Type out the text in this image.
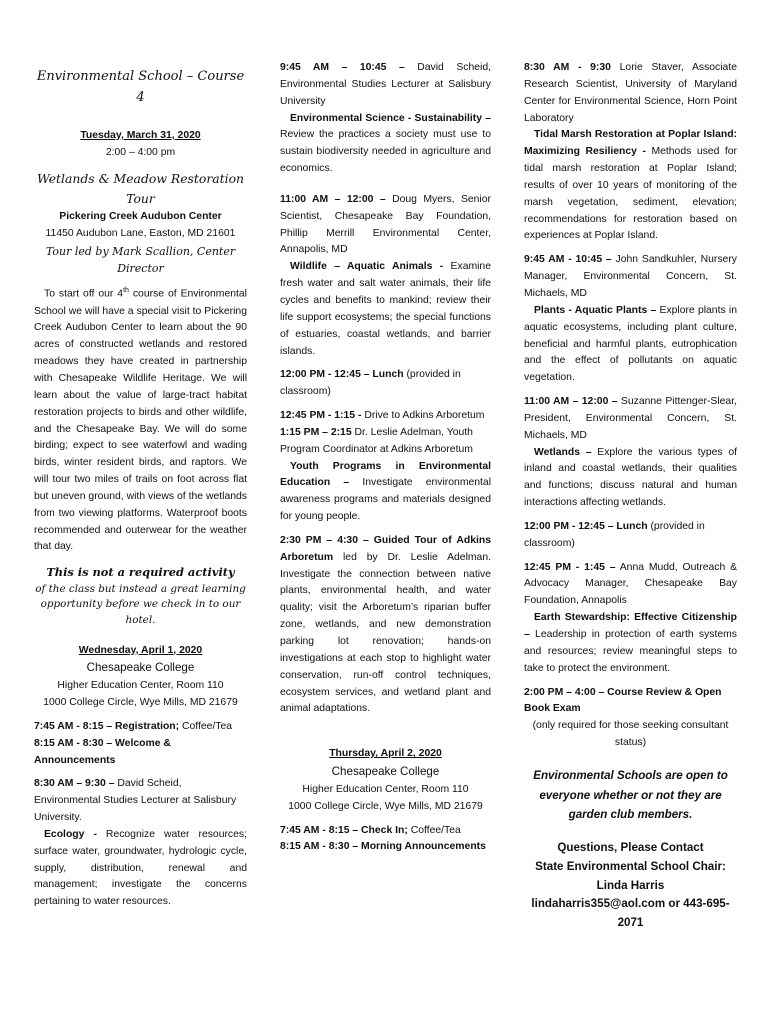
Environmental School – Course 4

Tuesday, March 31, 2020

2:00 – 4:00 pm

Wetlands & Meadow Restoration Tour

Pickering Creek Audubon Center

11450 Audubon Lane, Easton, MD 21601

Tour led by Mark Scallion, Center Director

To start off our 4th course of Environmental School we will have a special visit to Pickering Creek Audubon Center to learn about the 90 acres of constructed wetlands and restored meadows they have created in partnership with Chesapeake Wildlife Heritage. We will learn about the value of large-tract habitat restoration projects to birds and other wildlife, and the Chesapeake Bay. We will do some birding; expect to see waterfowl and wading birds, winter resident birds, and raptors. We will tour two miles of trails on foot across flat but uneven ground, with views of the wetlands from two viewing platforms. Waterproof boots recommended and outerwear for the weather that day.

This is not a required activity

of the class but instead a great learning opportunity before we check in to our hotel.

Wednesday, April 1, 2020

Chesapeake College

Higher Education Center, Room 110

1000 College Circle, Wye Mills, MD 21679

7:45 AM - 8:15 – Registration; Coffee/Tea

8:15 AM - 8:30 – Welcome & Announcements

8:30 AM – 9:30 – David Scheid, Environmental Studies Lecturer at Salisbury University.

Ecology - Recognize water resources; surface water, groundwater, hydrologic cycle, supply, distribution, renewal and management; investigate the concerns pertaining to water resources.

9:45 AM – 10:45 – David Scheid, Environmental Studies Lecturer at Salisbury University

Environmental Science - Sustainability – Review the practices a society must use to sustain biodiversity needed in agriculture and economics.

11:00 AM – 12:00 – Doug Myers, Senior Scientist, Chesapeake Bay Foundation, Phillip Merrill Environmental Center, Annapolis, MD

Wildlife – Aquatic Animals - Examine fresh water and salt water animals, their life cycles and benefits to mankind; review their life support ecosystems; the special functions of estuaries, coastal wetlands, and barrier islands.

12:00 PM - 12:45 – Lunch (provided in classroom)

12:45 PM - 1:15 - Drive to Adkins Arboretum

1:15 PM – 2:15 Dr. Leslie Adelman, Youth Program Coordinator at Adkins Arboretum

Youth Programs in Environmental Education – Investigate environmental awareness programs and materials designed for young people.

2:30 PM – 4:30 – Guided Tour of Adkins Arboretum led by Dr. Leslie Adelman. Investigate the connection between native plants, environmental health, and water quality; visit the Arboretum’s riparian buffer zone, wetlands, and new demonstration parking lot renovation; hands-on investigations at each stop to highlight water conservation, run-off control techniques, ecosystem services, and wetland plant and animal adaptations.

Thursday, April 2, 2020

Chesapeake College

Higher Education Center, Room 110

1000 College Circle, Wye Mills, MD 21679

7:45 AM - 8:15 – Check In; Coffee/Tea

8:15 AM - 8:30 – Morning Announcements

8:30 AM - 9:30 Lorie Staver, Associate Research Scientist, University of Maryland Center for Environmental Science, Horn Point Laboratory

Tidal Marsh Restoration at Poplar Island: Maximizing Resiliency - Methods used for tidal marsh restoration at Poplar Island; results of over 10 years of monitoring of the marsh vegetation, sediment, elevation; recommendations for restoration based on experiences at Poplar Island.

9:45 AM - 10:45 – John Sandkuhler, Nursery Manager, Environmental Concern, St. Michaels, MD

Plants - Aquatic Plants – Explore plants in aquatic ecosystems, including plant culture, beneficial and harmful plants, eutrophication and the effect of pollutants on aquatic vegetation.

11:00 AM – 12:00 – Suzanne Pittenger-Slear, President, Environmental Concern, St. Michaels, MD

Wetlands – Explore the various types of inland and coastal wetlands, their qualities and functions; discuss natural and human interactions affecting wetlands.

12:00 PM - 12:45 – Lunch (provided in classroom)

12:45 PM - 1:45 – Anna Mudd, Outreach & Advocacy Manager, Chesapeake Bay Foundation, Annapolis

Earth Stewardship: Effective Citizenship – Leadership in protection of earth systems and resources; review meaningful steps to take to protect the environment.

2:00 PM – 4:00 – Course Review & Open Book Exam

(only required for those seeking consultant status)

Environmental Schools are open to everyone whether or not they are garden club members.

Questions, Please Contact

State Environmental School Chair: Linda Harris

lindaharris355@aol.com or 443-695-2071
